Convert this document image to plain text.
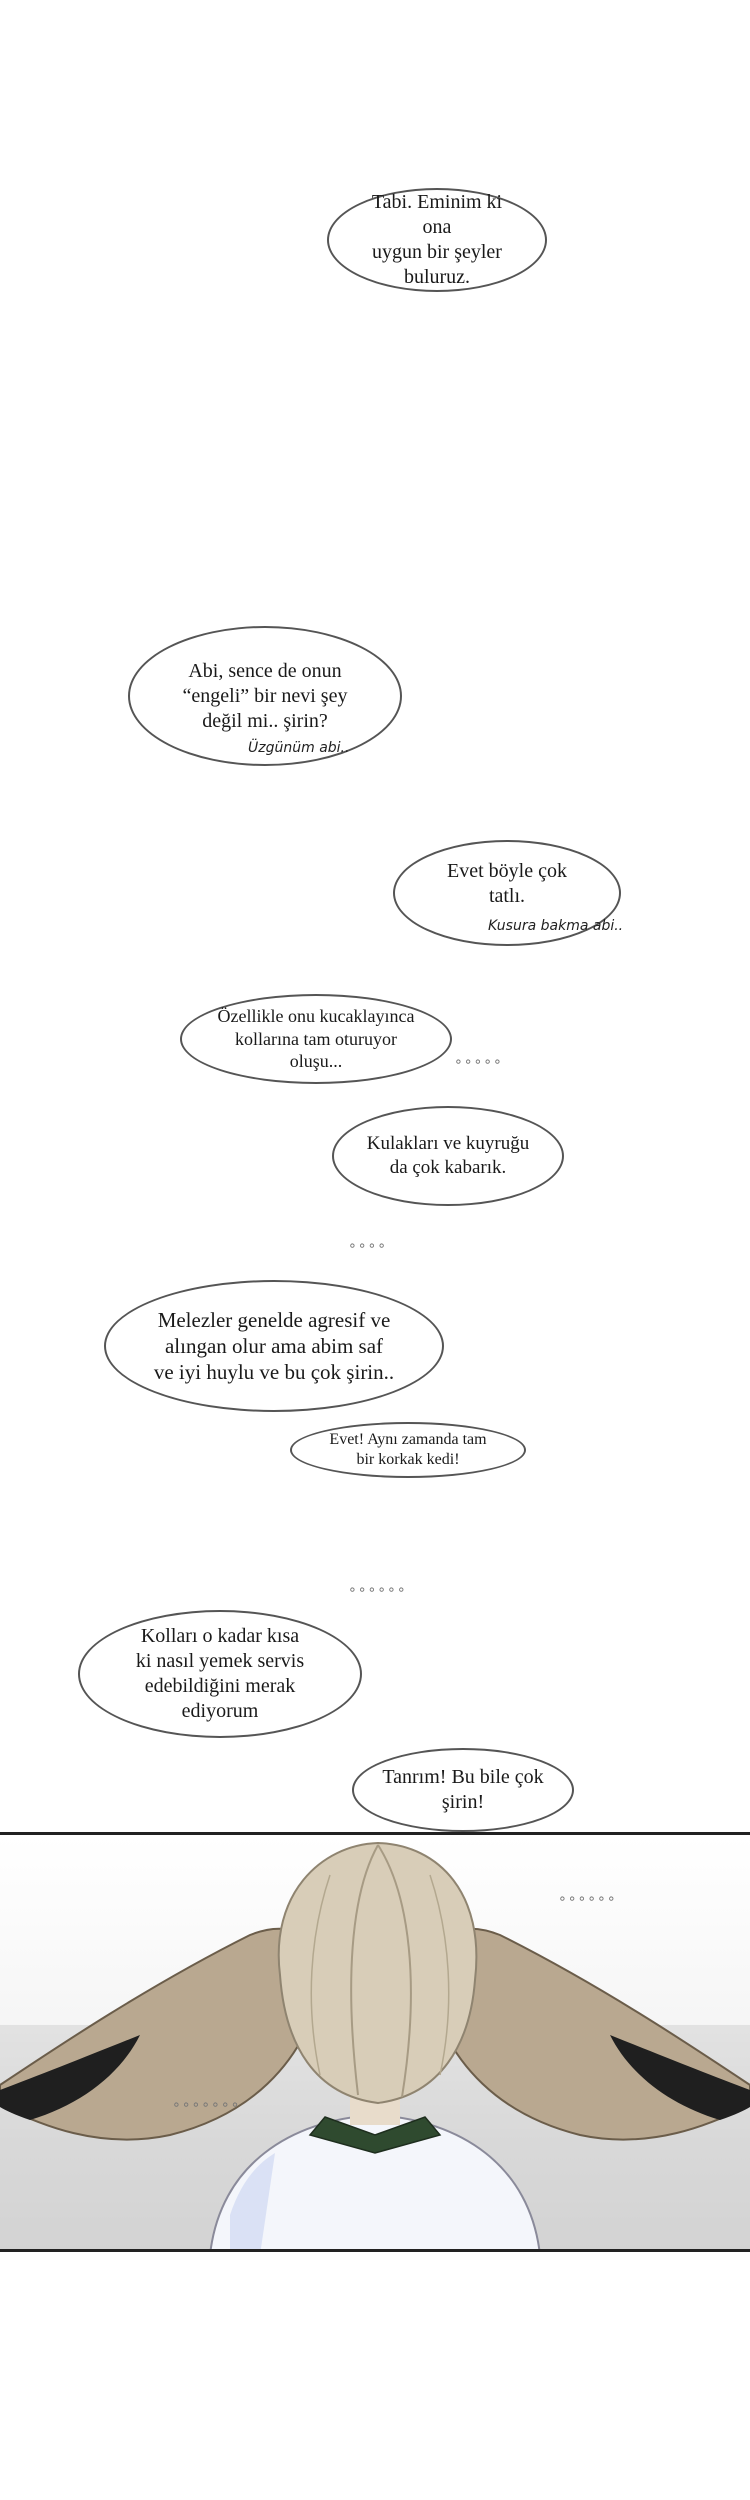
Tabi. Eminim ki ona
uygun bir şeyler
buluruz.
Abi, sence de onun
“engeli” bir nevi şey
değil mi.. şirin?
Üzgünüm abi..
Evet böyle çok
tatlı.
Kusura bakma abi..
Özellikle onu kucaklayınca
kollarına tam oturuyor
oluşu...	∘∘∘∘∘
Kulakları ve kuyruğu
da çok kabarık.
∘∘∘∘
Melezler genelde agresif ve
alıngan olur ama abim saf
ve iyi huylu ve bu çok şirin..
Evet! Aynı zamanda tam
bir korkak kedi!
∘∘∘∘∘∘
Kolları o kadar kısa
ki nasıl yemek servis
edebildiğini merak
ediyorum
Tanrım! Bu bile çok
şirin!
∘∘∘∘∘∘
∘∘∘∘∘∘∘
